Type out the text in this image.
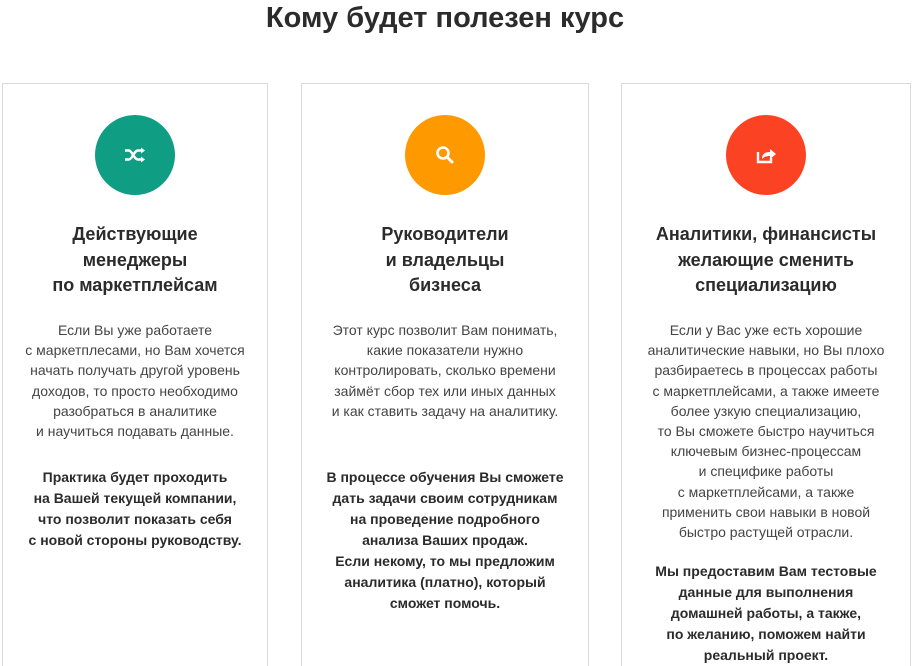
Кому будет полезен курс
Действующие
менеджеры
по маркетплейсам

Если Вы уже работаете
с маркетплесами, но Вам хочется
начать получать другой уровень
доходов, то просто необходимо
разобраться в аналитике
и научиться подавать данные.

Практика будет проходить
на Вашей текущей компании,
что позволит показать себя
с новой стороны руководству.

Руководители
и владельцы
бизнеса

Этот курс позволит Вам понимать,
какие показатели нужно
контролировать, сколько времени
займёт сбор тех или иных данных
и как ставить задачу на аналитику.

В процессе обучения Вы сможете
дать задачи своим сотрудникам
на проведение подробного
анализа Ваших продаж.
Если некому, то мы предложим
аналитика (платно), который
сможет помочь.

Аналитики, финансисты
желающие сменить
специализацию

Если у Вас уже есть хорошие
аналитические навыки, но Вы плохо
разбираетесь в процессах работы
с маркетплейсами, а также имеете
более узкую специализацию,
то Вы сможете быстро научиться
ключевым бизнес-процессам
и специфике работы
с маркетплейсами, а также
применить свои навыки в новой
быстро растущей отрасли.

Мы предоставим Вам тестовые
данные для выполнения
домашней работы, а также,
по желанию, поможем найти
реальный проект.
